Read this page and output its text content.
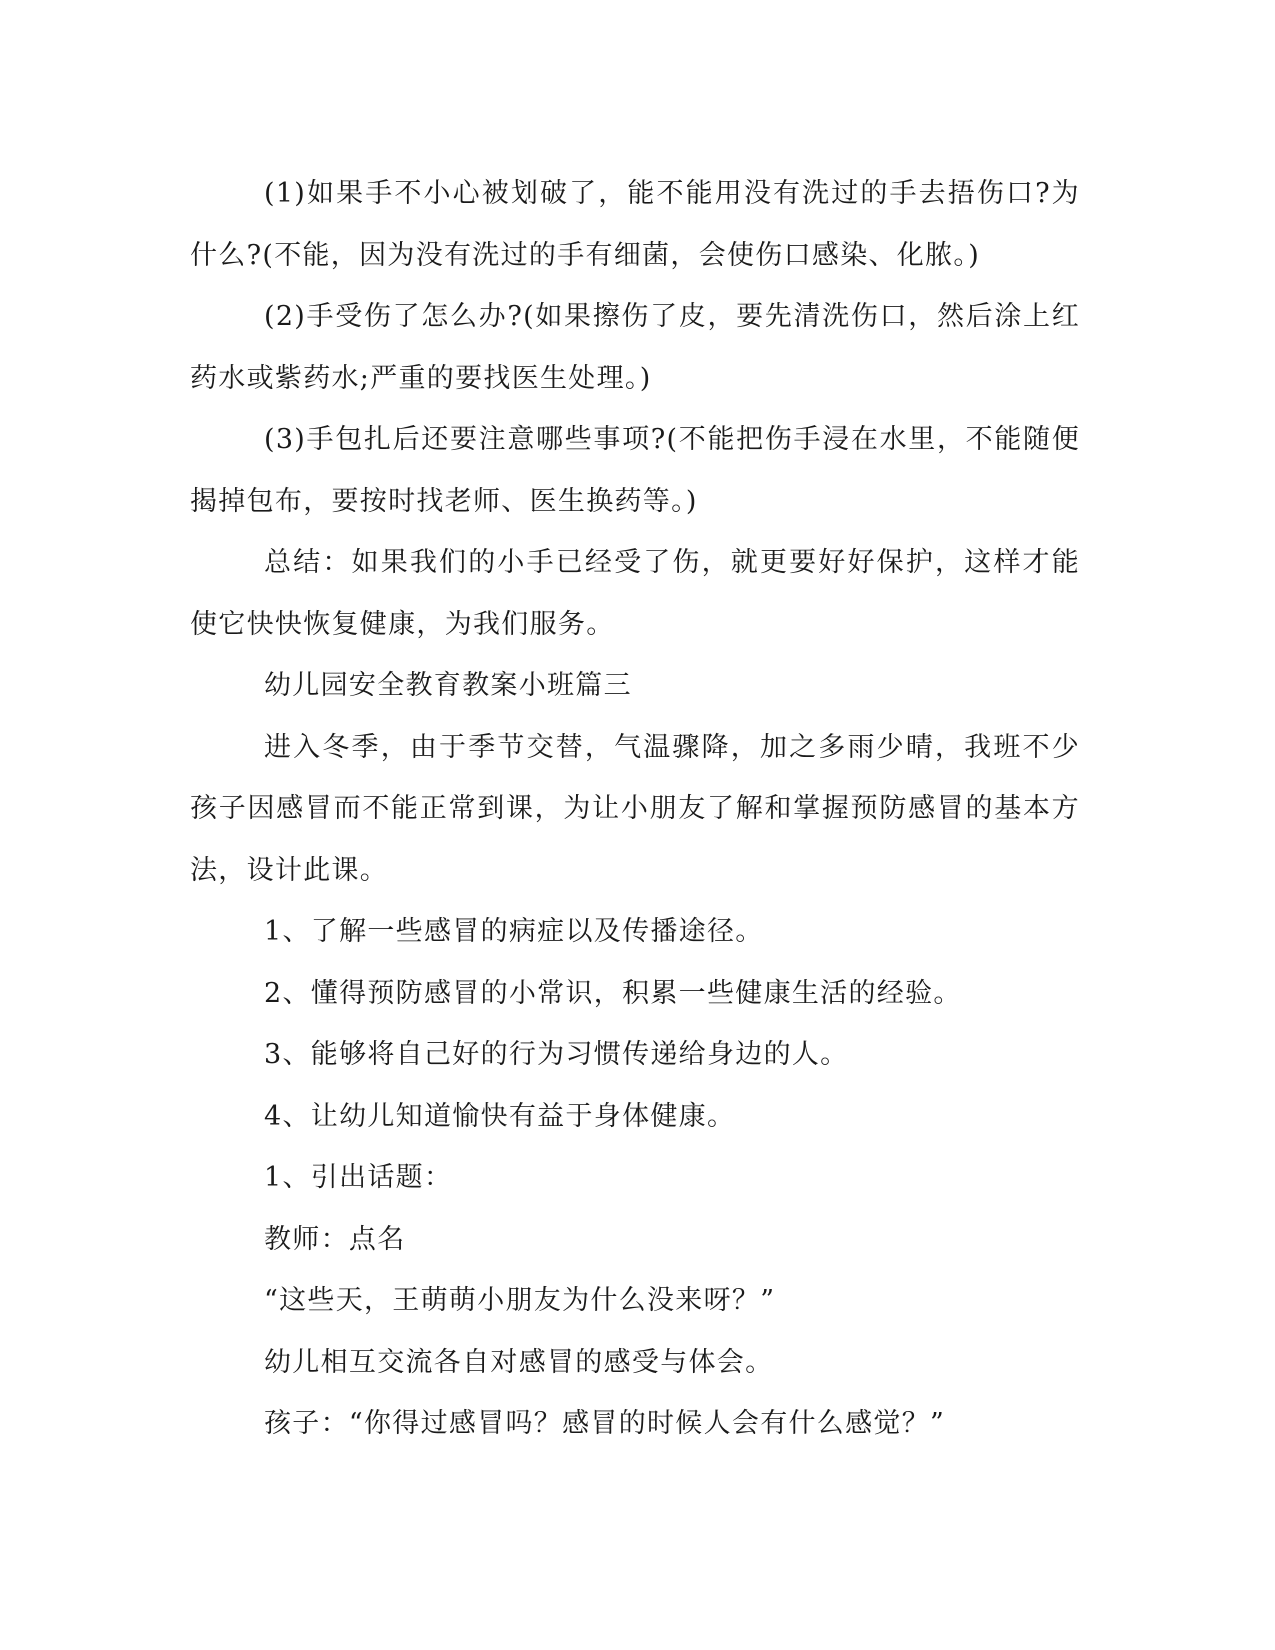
(1)如果手不小心被划破了，能不能用没有洗过的手去捂伤口?为什么?(不能，因为没有洗过的手有细菌，会使伤口感染、化脓。)

(2)手受伤了怎么办?(如果擦伤了皮，要先清洗伤口，然后涂上红药水或紫药水;严重的要找医生处理。)

(3)手包扎后还要注意哪些事项?(不能把伤手浸在水里，不能随便揭掉包布，要按时找老师、医生换药等。)

总结：如果我们的小手已经受了伤，就更要好好保护，这样才能使它快快恢复健康，为我们服务。

幼儿园安全教育教案小班篇三

进入冬季，由于季节交替，气温骤降，加之多雨少晴，我班不少孩子因感冒而不能正常到课，为让小朋友了解和掌握预防感冒的基本方法，设计此课。

1、了解一些感冒的病症以及传播途径。

2、懂得预防感冒的小常识，积累一些健康生活的经验。

3、能够将自己好的行为习惯传递给身边的人。

4、让幼儿知道愉快有益于身体健康。

1、引出话题：

教师：点名

“这些天，王萌萌小朋友为什么没来呀？”

幼儿相互交流各自对感冒的感受与体会。

孩子：“你得过感冒吗？感冒的时候人会有什么感觉？”
